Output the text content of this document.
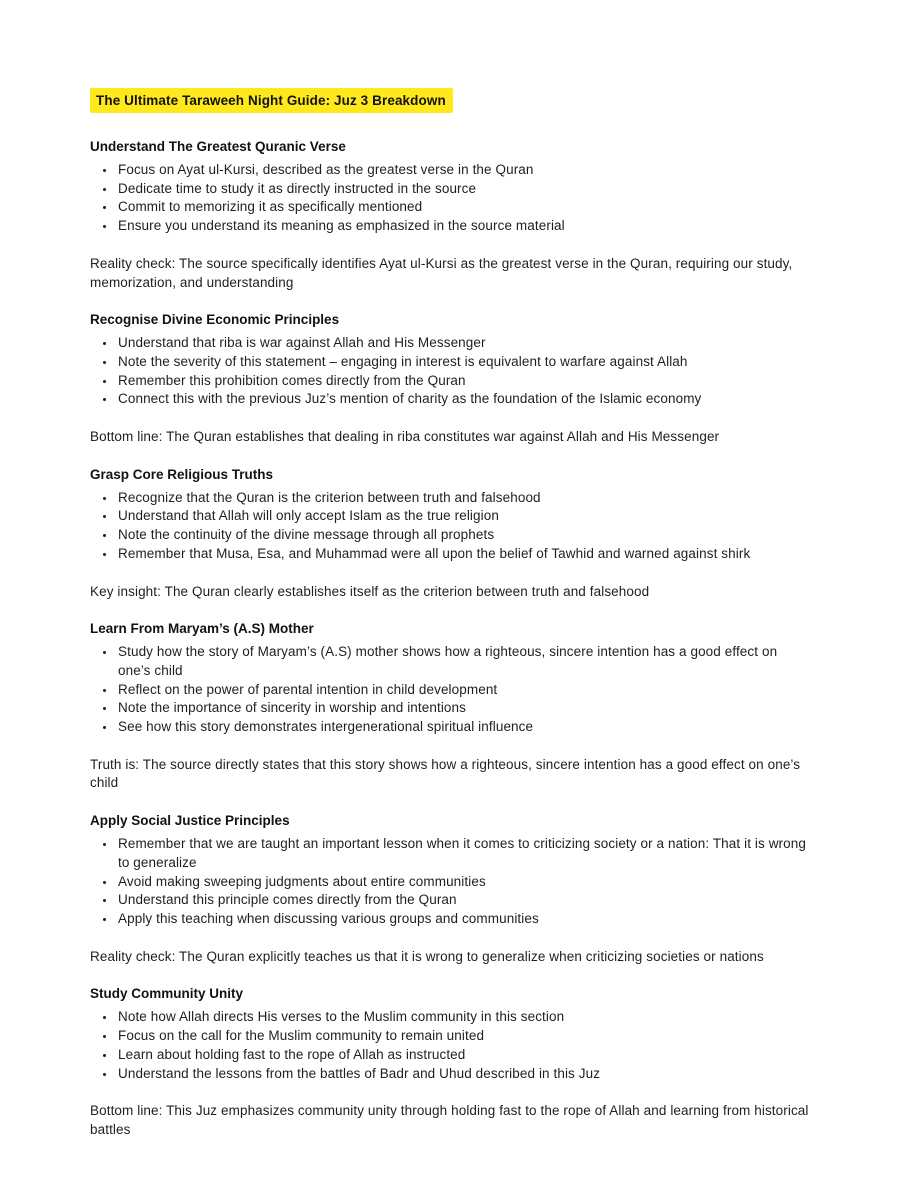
The Ultimate Taraweeh Night Guide: Juz 3 Breakdown
Understand The Greatest Quranic Verse
• Focus on Ayat ul-Kursi, described as the greatest verse in the Quran
• Dedicate time to study it as directly instructed in the source
• Commit to memorizing it as specifically mentioned
• Ensure you understand its meaning as emphasized in the source material

Reality check: The source specifically identifies Ayat ul-Kursi as the greatest verse in the Quran, requiring our study, memorization, and understanding

Recognise Divine Economic Principles
• Understand that riba is war against Allah and His Messenger
• Note the severity of this statement – engaging in interest is equivalent to warfare against Allah
• Remember this prohibition comes directly from the Quran
• Connect this with the previous Juz’s mention of charity as the foundation of the Islamic economy

Bottom line: The Quran establishes that dealing in riba constitutes war against Allah and His Messenger

Grasp Core Religious Truths
• Recognize that the Quran is the criterion between truth and falsehood
• Understand that Allah will only accept Islam as the true religion
• Note the continuity of the divine message through all prophets
• Remember that Musa, Esa, and Muhammad were all upon the belief of Tawhid and warned against shirk

Key insight: The Quran clearly establishes itself as the criterion between truth and falsehood

Learn From Maryam’s (A.S) Mother
• Study how the story of Maryam’s (A.S) mother shows how a righteous, sincere intention has a good effect on one’s child
• Reflect on the power of parental intention in child development
• Note the importance of sincerity in worship and intentions
• See how this story demonstrates intergenerational spiritual influence

Truth is: The source directly states that this story shows how a righteous, sincere intention has a good effect on one’s child

Apply Social Justice Principles
• Remember that we are taught an important lesson when it comes to criticizing society or a nation: That it is wrong to generalize
• Avoid making sweeping judgments about entire communities
• Understand this principle comes directly from the Quran
• Apply this teaching when discussing various groups and communities

Reality check: The Quran explicitly teaches us that it is wrong to generalize when criticizing societies or nations

Study Community Unity
• Note how Allah directs His verses to the Muslim community in this section
• Focus on the call for the Muslim community to remain united
• Learn about holding fast to the rope of Allah as instructed
• Understand the lessons from the battles of Badr and Uhud described in this Juz

Bottom line: This Juz emphasizes community unity through holding fast to the rope of Allah and learning from historical battles
